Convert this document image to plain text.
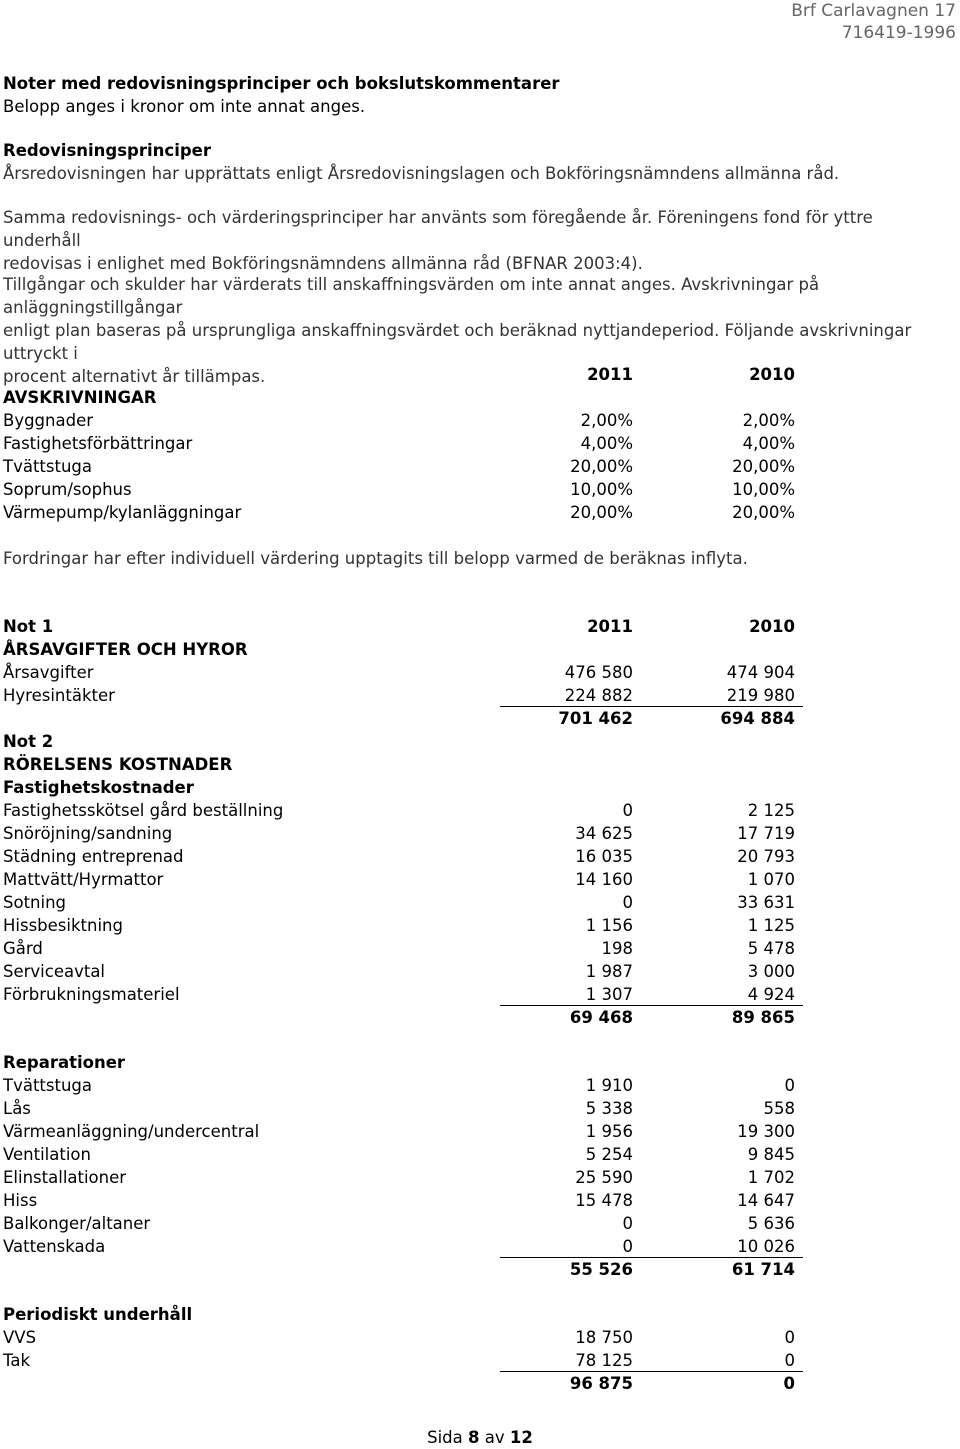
Brf Carlavagnen 17
716419-1996
Noter med redovisningsprinciper och bokslutskommentarer
Belopp anges i kronor om inte annat anges.
Redovisningsprinciper
Årsredovisningen har upprättats enligt Årsredovisningslagen och Bokföringsnämndens allmänna råd.
Samma redovisnings- och värderingsprinciper har använts som föregående år. Föreningens fond för yttre underhåll
redovisas i enlighet med Bokföringsnämndens allmänna råd (BFNAR 2003:4).
Tillgångar och skulder har värderats till anskaffningsvärden om inte annat anges. Avskrivningar på anläggningstillgångar
enligt plan baseras på ursprungliga anskaffningsvärdet och beräknad nyttjandeperiod. Följande avskrivningar uttryckt i
procent alternativt år tillämpas.	2011	2010
AVSKRIVNINGAR
Byggnader	2,00%	2,00%
Fastighetsförbättringar	4,00%	4,00%
Tvättstuga	20,00%	20,00%
Soprum/sophus	10,00%	10,00%
Värmepump/kylanläggningar	20,00%	20,00%
Fordringar har efter individuell värdering upptagits till belopp varmed de beräknas inflyta.
Not 1	2011	2010
ÅRSAVGIFTER OCH HYROR
Årsavgifter	476 580	474 904
Hyresintäkter	224 882	219 980
701 462	694 884
Not 2
RÖRELSENS KOSTNADER
Fastighetskostnader
Fastighetsskötsel gård beställning	0	2 125
Snöröjning/sandning	34 625	17 719
Städning entreprenad	16 035	20 793
Mattvätt/Hyrmattor	14 160	1 070
Sotning	0	33 631
Hissbesiktning	1 156	1 125
Gård	198	5 478
Serviceavtal	1 987	3 000
Förbrukningsmateriel	1 307	4 924
69 468	89 865
Reparationer
Tvättstuga	1 910	0
Lås	5 338	558
Värmeanläggning/undercentral	1 956	19 300
Ventilation	5 254	9 845
Elinstallationer	25 590	1 702
Hiss	15 478	14 647
Balkonger/altaner	0	5 636
Vattenskada	0	10 026
55 526	61 714
Periodiskt underhåll
VVS	18 750	0
Tak	78 125	0
96 875	0
Sida 8 av 12
